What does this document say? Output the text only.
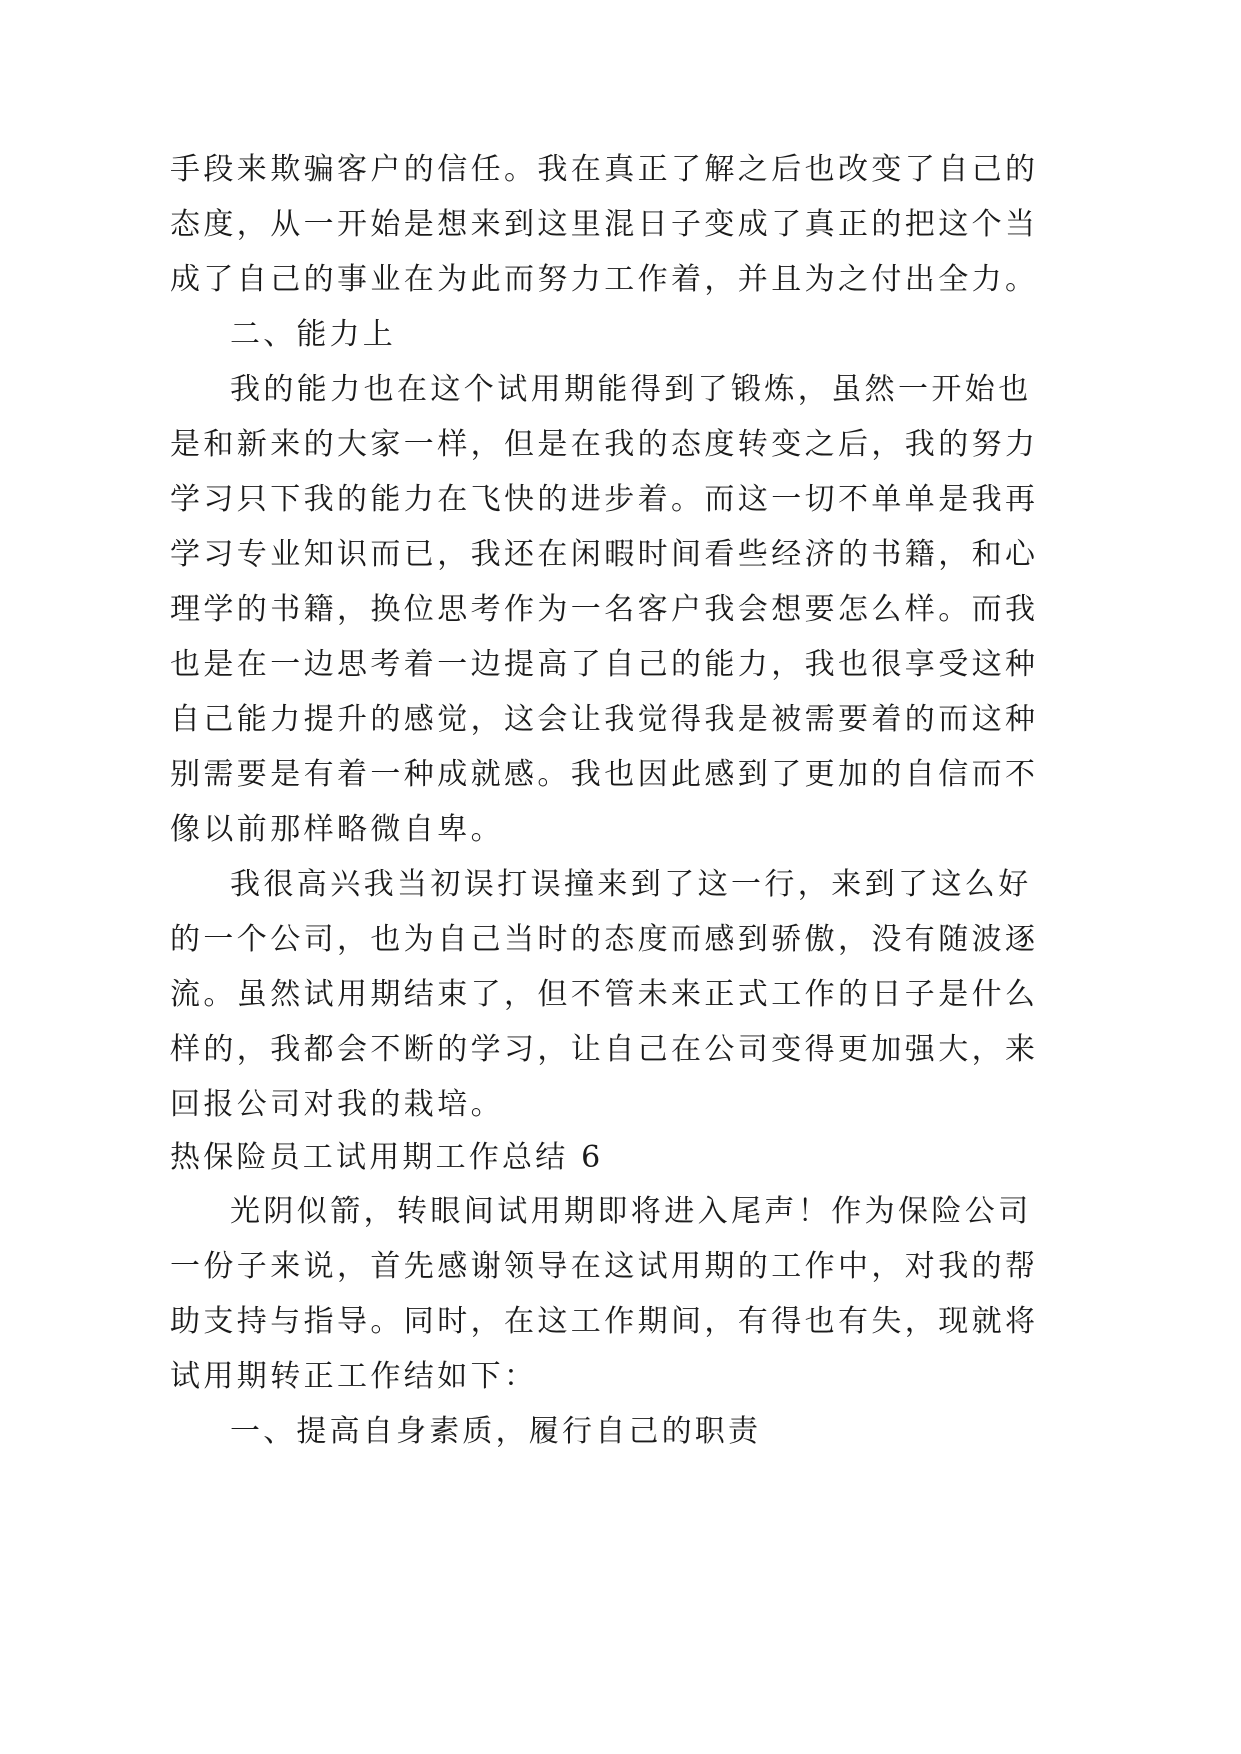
手段来欺骗客户的信任。我在真正了解之后也改变了自己的
态度，从一开始是想来到这里混日子变成了真正的把这个当
成了自己的事业在为此而努力工作着，并且为之付出全力。
二、能力上
我的能力也在这个试用期能得到了锻炼，虽然一开始也
是和新来的大家一样，但是在我的态度转变之后，我的努力
学习只下我的能力在飞快的进步着。而这一切不单单是我再
学习专业知识而已，我还在闲暇时间看些经济的书籍，和心
理学的书籍，换位思考作为一名客户我会想要怎么样。而我
也是在一边思考着一边提高了自己的能力，我也很享受这种
自己能力提升的感觉，这会让我觉得我是被需要着的而这种
别需要是有着一种成就感。我也因此感到了更加的自信而不
像以前那样略微自卑。
我很高兴我当初误打误撞来到了这一行，来到了这么好
的一个公司，也为自己当时的态度而感到骄傲，没有随波逐
流。虽然试用期结束了，但不管未来正式工作的日子是什么
样的，我都会不断的学习，让自己在公司变得更加强大，来
回报公司对我的栽培。
热保险员工试用期工作总结 6
光阴似箭，转眼间试用期即将进入尾声！作为保险公司
一份子来说，首先感谢领导在这试用期的工作中，对我的帮
助支持与指导。同时，在这工作期间，有得也有失，现就将
试用期转正工作结如下：
一、提高自身素质，履行自己的职责
